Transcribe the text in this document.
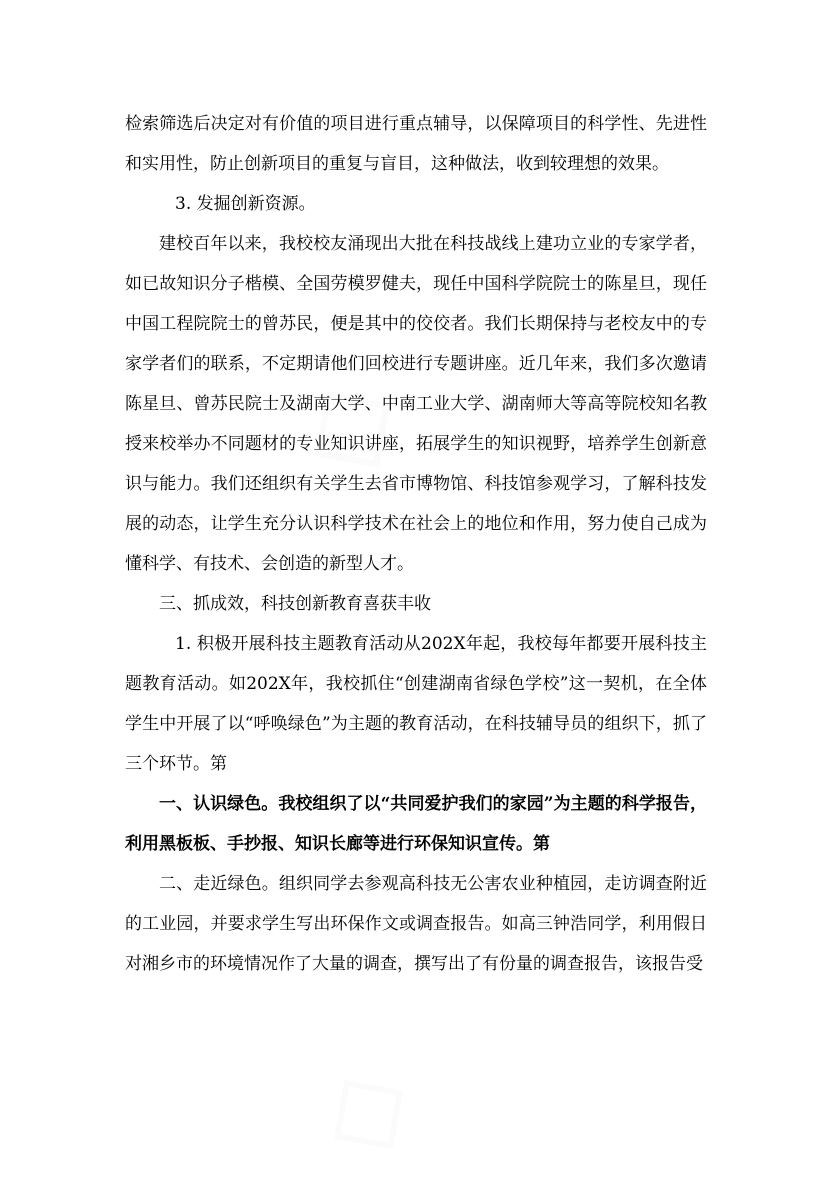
◇
◇

检索筛选后决定对有价值的项目进行重点辅导，以保障项目的科学性、先进性和实用性，防止创新项目的重复与盲目，这种做法，收到较理想的效果。

3. 发掘创新资源。

建校百年以来，我校校友涌现出大批在科技战线上建功立业的专家学者，如已故知识分子楷模、全国劳模罗健夫，现任中国科学院院士的陈星旦，现任中国工程院院士的曾苏民，便是其中的佼佼者。我们长期保持与老校友中的专家学者们的联系，不定期请他们回校进行专题讲座。近几年来，我们多次邀请陈星旦、曾苏民院士及湖南大学、中南工业大学、湖南师大等高等院校知名教授来校举办不同题材的专业知识讲座，拓展学生的知识视野，培养学生创新意识与能力。我们还组织有关学生去省市博物馆、科技馆参观学习，了解科技发展的动态，让学生充分认识科学技术在社会上的地位和作用，努力使自己成为懂科学、有技术、会创造的新型人才。

三、抓成效，科技创新教育喜获丰收

1. 积极开展科技主题教育活动从202X年起，我校每年都要开展科技主题教育活动。如202X年，我校抓住“创建湖南省绿色学校”这一契机，在全体学生中开展了以“呼唤绿色”为主题的教育活动，在科技辅导员的组织下，抓了三个环节。第

一、认识绿色。我校组织了以“共同爱护我们的家园”为主题的科学报告，利用黑板板、手抄报、知识长廊等进行环保知识宣传。第

二、走近绿色。组织同学去参观高科技无公害农业种植园，走访调查附近的工业园，并要求学生写出环保作文或调查报告。如高三钟浩同学，利用假日对湘乡市的环境情况作了大量的调查，撰写出了有份量的调查报告，该报告受
